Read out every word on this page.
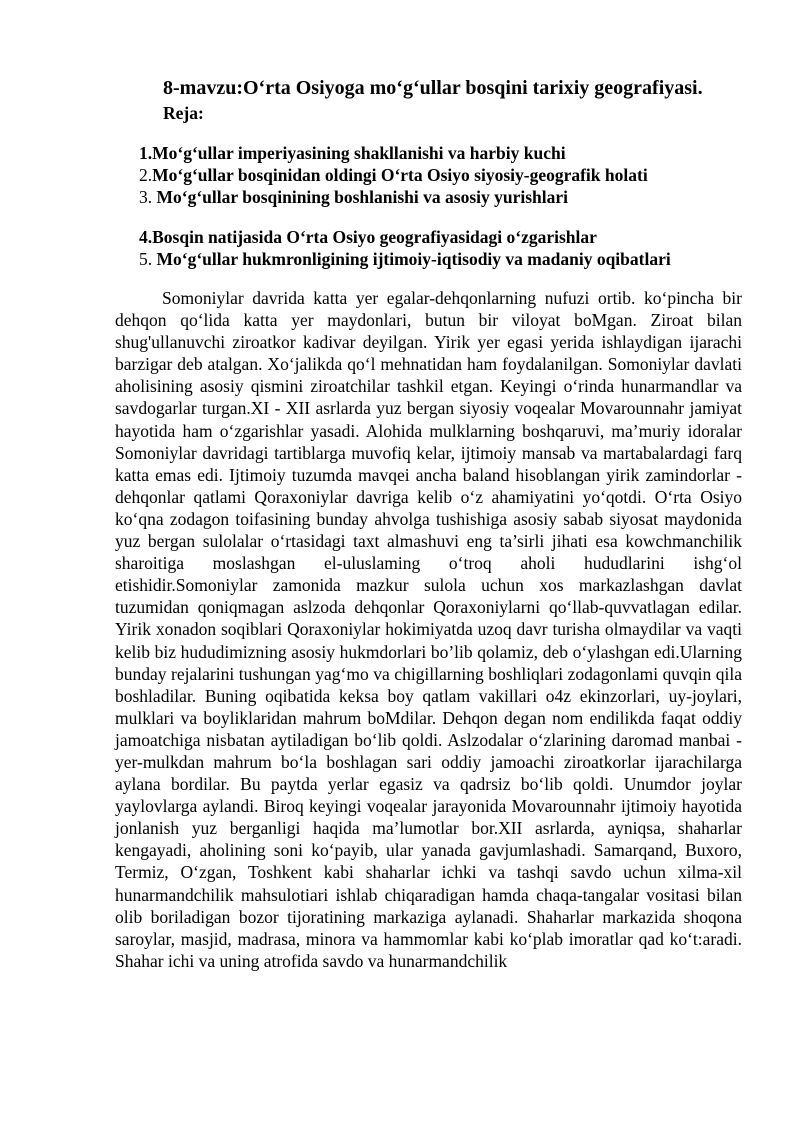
8-mavzu:O‘rta Osiyoga mo‘g‘ullar bosqini tarixiy geografiyasi.
Reja:
1.Mo‘g‘ullar imperiyasining shakllanishi va harbiy kuchi
2.Mo‘g‘ullar bosqinidan oldingi O‘rta Osiyo siyosiy-geografik holati
3. Mo‘g‘ullar bosqinining boshlanishi va asosiy yurishlari
4.Bosqin natijasida O‘rta Osiyo geografiyasidagi o‘zgarishlar
5. Mo‘g‘ullar hukmronligining ijtimoiy-iqtisodiy va madaniy oqibatlari

Somoniylar davrida katta yer egalar-dehqonlarning nufuzi ortib. ko‘pincha bir dehqon qo‘lida katta yer maydonlari, butun bir viloyat boMgan. Ziroat bilan shug'ullanuvchi ziroatkor kadivar deyilgan. Yirik yer egasi yerida ishlaydigan ijarachi barzigar deb atalgan. Xo‘jalikda qo‘l mehnatidan ham foydalanilgan. Somoniylar davlati aholisining asosiy qismini ziroatchilar tashkil etgan. Keyingi o‘rinda hunarmandlar va savdogarlar turgan.XI - XII asrlarda yuz bergan siyosiy voqealar Movarounnahr jamiyat hayotida ham o‘zgarishlar yasadi. Alohida mulklarning boshqaruvi, ma’muriy idoralar Somoniylar davridagi tartiblarga muvofiq kelar, ijtimoiy mansab va martabalardagi farq katta emas edi. Ijtimoiy tuzumda mavqei ancha baland hisoblangan yirik zamindorlar - dehqonlar qatlami Qoraxoniylar davriga kelib o‘z ahamiyatini yo‘qotdi. O‘rta Osiyo ko‘qna zodagon toifasining bunday ahvolga tushishiga asosiy sabab siyosat maydonida yuz bergan sulolalar o‘rtasidagi taxt almashuvi eng ta’sirli jihati esa kowchmanchilik sharoitiga moslashgan el-uluslaming o‘troq aholi hududlarini ishg‘ol etishidir.Somoniylar zamonida mazkur sulola uchun xos markazlashgan davlat tuzumidan qoniqmagan aslzoda dehqonlar Qoraxoniylarni qo‘llab-quvvatlagan edilar. Yirik xonadon soqiblari Qoraxoniylar hokimiyatda uzoq davr turisha olmaydilar va vaqti kelib biz hududimizning asosiy hukmdorlari bo’lib qolamiz, deb o‘ylashgan edi.Ularning bunday rejalarini tushungan yag‘mo va chigillarning boshliqlari zodagonlami quvqin qila boshladilar. Buning oqibatida keksa boy qatlam vakillari o4z ekinzorlari, uy-joylari, mulklari va boyliklaridan mahrum boMdilar. Dehqon degan nom endilikda faqat oddiy jamoatchiga nisbatan aytiladigan bo‘lib qoldi. Aslzodalar o‘zlarining daromad manbai -yer-mulkdan mahrum bo‘la boshlagan sari oddiy jamoachi ziroatkorlar ijarachilarga aylana bordilar. Bu paytda yerlar egasiz va qadrsiz bo‘lib qoldi. Unumdor joylar yaylovlarga aylandi. Biroq keyingi voqealar jarayonida Movarounnahr ijtimoiy hayotida jonlanish yuz berganligi haqida ma’lumotlar bor.XII asrlarda, ayniqsa, shaharlar kengayadi, aholining soni ko‘payib, ular yanada gavjumlashadi. Samarqand, Buxoro, Termiz, O‘zgan, Toshkent kabi shaharlar ichki va tashqi savdo uchun xilma-xil hunarmandchilik mahsulotiari ishlab chiqaradigan hamda chaqa-tangalar vositasi bilan olib boriladigan bozor tijoratining markaziga aylanadi. Shaharlar markazida shoqona saroylar, masjid, madrasa, minora va hammomlar kabi ko‘plab imoratlar qad ko‘t:aradi. Shahar ichi va uning atrofida savdo va hunarmandchilik
